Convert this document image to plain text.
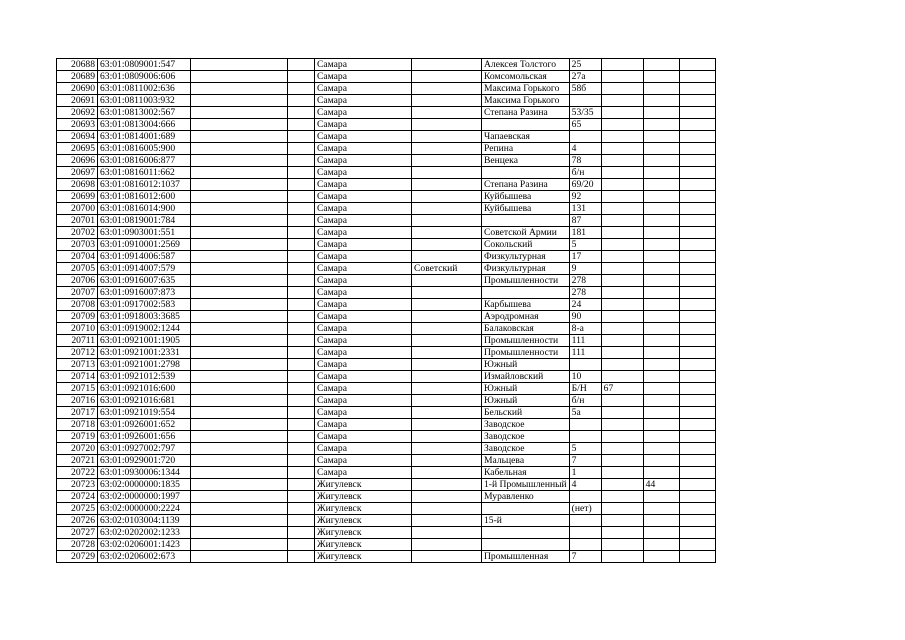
20688	63:01:0809001:547			Самара		Алексея Толстого	25			
20689	63:01:0809006:606			Самара		Комсомольская	27а			
20690	63:01:0811002:636			Самара		Максима Горького	58б			
20691	63:01:0811003:932			Самара		Максима Горького				
20692	63:01:0813002:567			Самара		Степана Разина	53/35			
20693	63:01:0813004:666			Самара			65			
20694	63:01:0814001:689			Самара		Чапаевская				
20695	63:01:0816005:900			Самара		Репина	4			
20696	63:01:0816006:877			Самара		Венцека	78			
20697	63:01:0816011:662			Самара			б/н			
20698	63:01:0816012:1037			Самара		Степана Разина	69/20			
20699	63:01:0816012:600			Самара		Куйбышева	92			
20700	63:01:0816014:900			Самара		Куйбышева	131			
20701	63:01:0819001:784			Самара			87			
20702	63:01:0903001:551			Самара		Советской Армии	181			
20703	63:01:0910001:2569			Самара		Сокольский	5			
20704	63:01:0914006:587			Самара		Физкультурная	17			
20705	63:01:0914007:579			Самара	Советский	Физкультурная	9			
20706	63:01:0916007:635			Самара		Промышленности	278			
20707	63:01:0916007:873			Самара			278			
20708	63:01:0917002:583			Самара		Карбышева	24			
20709	63:01:0918003:3685			Самара		Аэродромная	90			
20710	63:01:0919002:1244			Самара		Балаковская	8-а			
20711	63:01:0921001:1905			Самара		Промышленности	111			
20712	63:01:0921001:2331			Самара		Промышленности	111			
20713	63:01:0921001:2798			Самара		Южный				
20714	63:01:0921012:539			Самара		Измайловский	10			
20715	63:01:0921016:600			Самара		Южный	Б/Н	67		
20716	63:01:0921016:681			Самара		Южный	б/н			
20717	63:01:0921019:554			Самара		Бельский	5а			
20718	63:01:0926001:652			Самара		Заводское				
20719	63:01:0926001:656			Самара		Заводское				
20720	63:01:0927002:797			Самара		Заводское	5			
20721	63:01:0929001:720			Самара		Мальцева	7			
20722	63:01:0930006:1344			Самара		Кабельная	1			
20723	63:02:0000000:1835			Жигулевск		1-й Промышленный	4		44	
20724	63:02:0000000:1997			Жигулевск		Муравленко				
20725	63:02:0000000:2224			Жигулевск			(нет)			
20726	63:02:0103004:1139			Жигулевск		15-й				
20727	63:02:0202002:1233			Жигулевск						
20728	63:02:0206001:1423			Жигулевск						
20729	63:02:0206002:673			Жигулевск		Промышленная	7			
